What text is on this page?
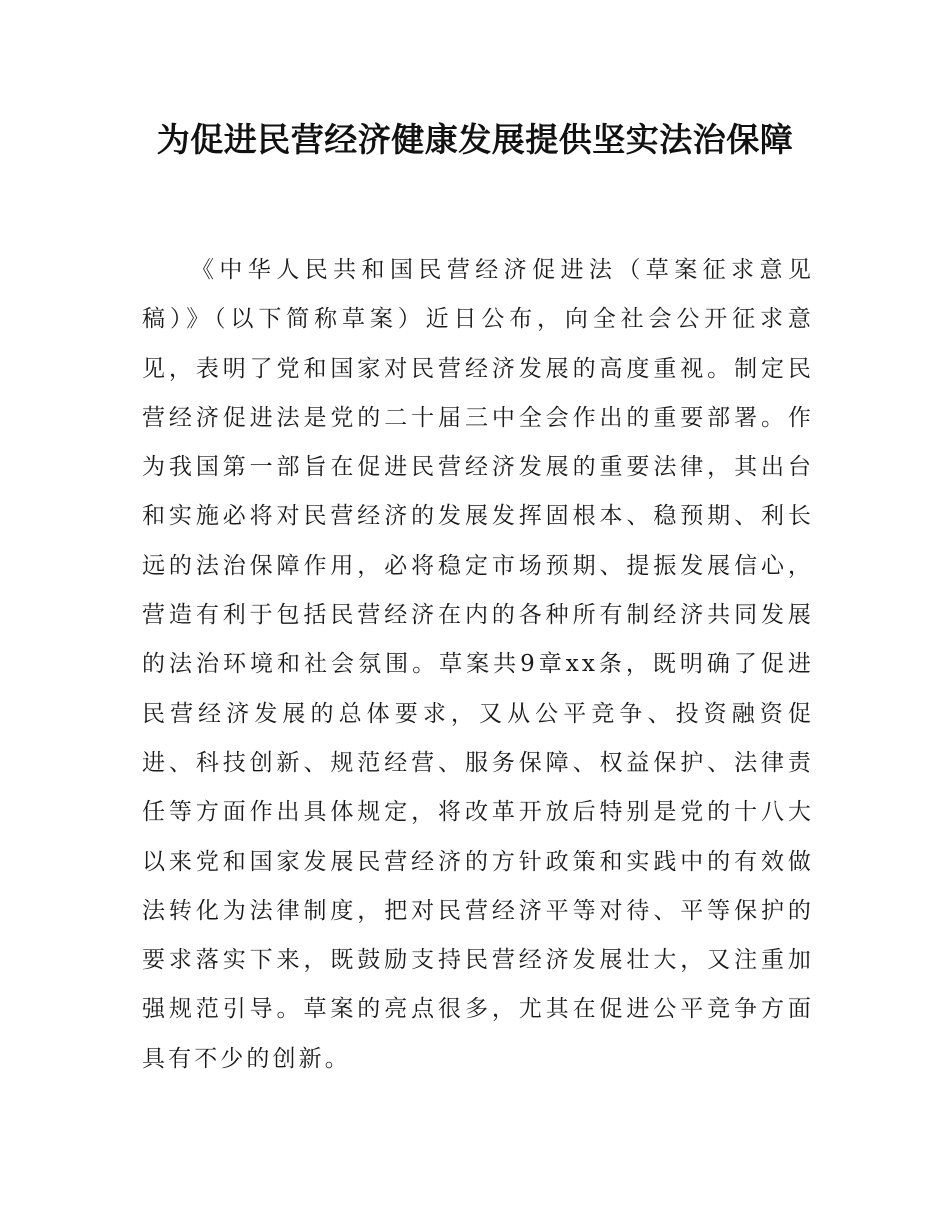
为促进民营经济健康发展提供坚实法治保障

《中华人民共和国民营经济促进法（草案征求意见稿）》（以下简称草案）近日公布，向全社会公开征求意见，表明了党和国家对民营经济发展的高度重视。制定民营经济促进法是党的二十届三中全会作出的重要部署。作为我国第一部旨在促进民营经济发展的重要法律，其出台和实施必将对民营经济的发展发挥固根本、稳预期、利长远的法治保障作用，必将稳定市场预期、提振发展信心，营造有利于包括民营经济在内的各种所有制经济共同发展的法治环境和社会氛围。草案共9章xx条，既明确了促进民营经济发展的总体要求，又从公平竞争、投资融资促进、科技创新、规范经营、服务保障、权益保护、法律责任等方面作出具体规定，将改革开放后特别是党的十八大以来党和国家发展民营经济的方针政策和实践中的有效做法转化为法律制度，把对民营经济平等对待、平等保护的要求落实下来，既鼓励支持民营经济发展壮大，又注重加强规范引导。草案的亮点很多，尤其在促进公平竞争方面具有不少的创新。
